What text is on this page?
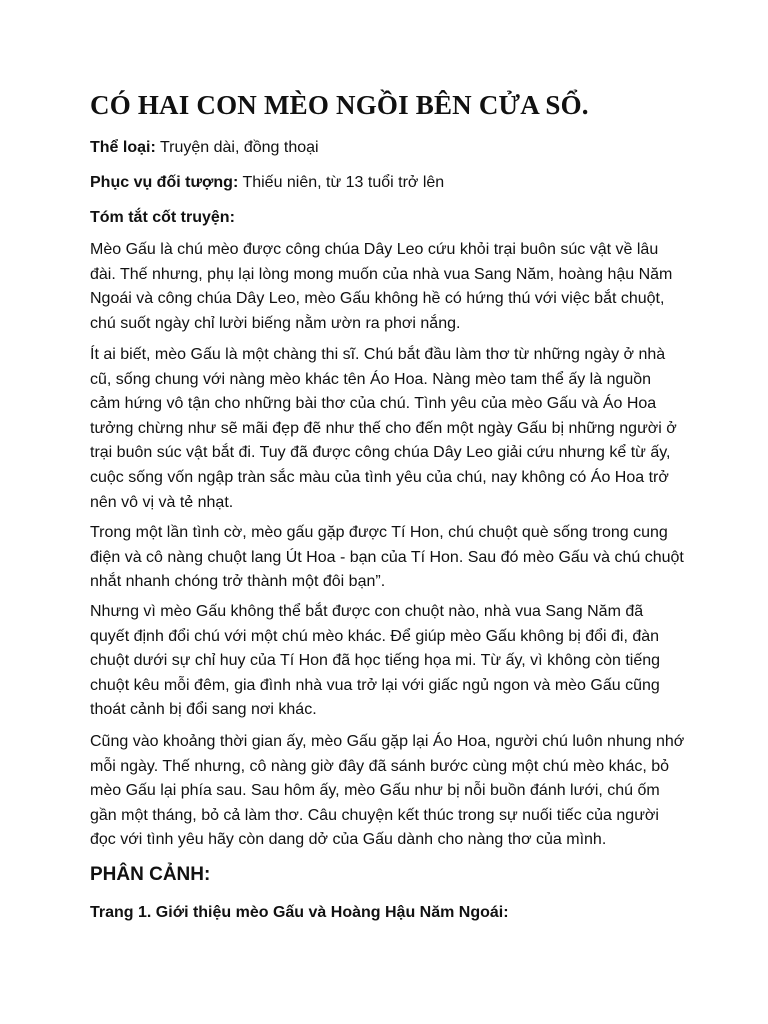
CÓ HAI CON MÈO NGỒI BÊN CỬA SỔ.

Thể loại: Truyện dài, đồng thoại

Phục vụ đối tượng: Thiếu niên, từ 13 tuổi trở lên

Tóm tắt cốt truyện:

Mèo Gấu là chú mèo được công chúa Dây Leo cứu khỏi trại buôn súc vật về lâu
đài. Thế nhưng, phụ lại lòng mong muốn của nhà vua Sang Năm, hoàng hậu Năm
Ngoái và công chúa Dây Leo, mèo Gấu không hề có hứng thú với việc bắt chuột,
chú suốt ngày chỉ lười biếng nằm ườn ra phơi nắng.

Ít ai biết, mèo Gấu là một chàng thi sĩ. Chú bắt đầu làm thơ từ những ngày ở nhà
cũ, sống chung với nàng mèo khác tên Áo Hoa. Nàng mèo tam thể ấy là nguồn
cảm hứng vô tận cho những bài thơ của chú. Tình yêu của mèo Gấu và Áo Hoa
tưởng chừng như sẽ mãi đẹp đẽ như thế cho đến một ngày Gấu bị những người ở
trại buôn súc vật bắt đi. Tuy đã được công chúa Dây Leo giải cứu nhưng kể từ ấy,
cuộc sống vốn ngập tràn sắc màu của tình yêu của chú, nay không có Áo Hoa trở
nên vô vị và tẻ nhạt.

Trong một lần tình cờ, mèo gấu gặp được Tí Hon, chú chuột què sống trong cung
điện và cô nàng chuột lang Út Hoa - bạn của Tí Hon. Sau đó mèo Gấu và chú chuột
nhắt nhanh chóng trở thành một đôi bạn”.

Nhưng vì mèo Gấu không thể bắt được con chuột nào, nhà vua Sang Năm đã
quyết định đổi chú với một chú mèo khác. Để giúp mèo Gấu không bị đổi đi, đàn
chuột dưới sự chỉ huy của Tí Hon đã học tiếng họa mi. Từ ấy, vì không còn tiếng
chuột kêu mỗi đêm, gia đình nhà vua trở lại với giấc ngủ ngon và mèo Gấu cũng
thoát cảnh bị đổi sang nơi khác.

Cũng vào khoảng thời gian ấy, mèo Gấu gặp lại Áo Hoa, người chú luôn nhung nhớ
mỗi ngày. Thế nhưng, cô nàng giờ đây đã sánh bước cùng một chú mèo khác, bỏ
mèo Gấu lại phía sau. Sau hôm ấy, mèo Gấu như bị nỗi buồn đánh lưới, chú ốm
gần một tháng, bỏ cả làm thơ. Câu chuyện kết thúc trong sự nuối tiếc của người
đọc với tình yêu hãy còn dang dở của Gấu dành cho nàng thơ của mình.

PHÂN CẢNH:
Trang 1. Giới thiệu mèo Gấu và Hoàng Hậu Năm Ngoái:
